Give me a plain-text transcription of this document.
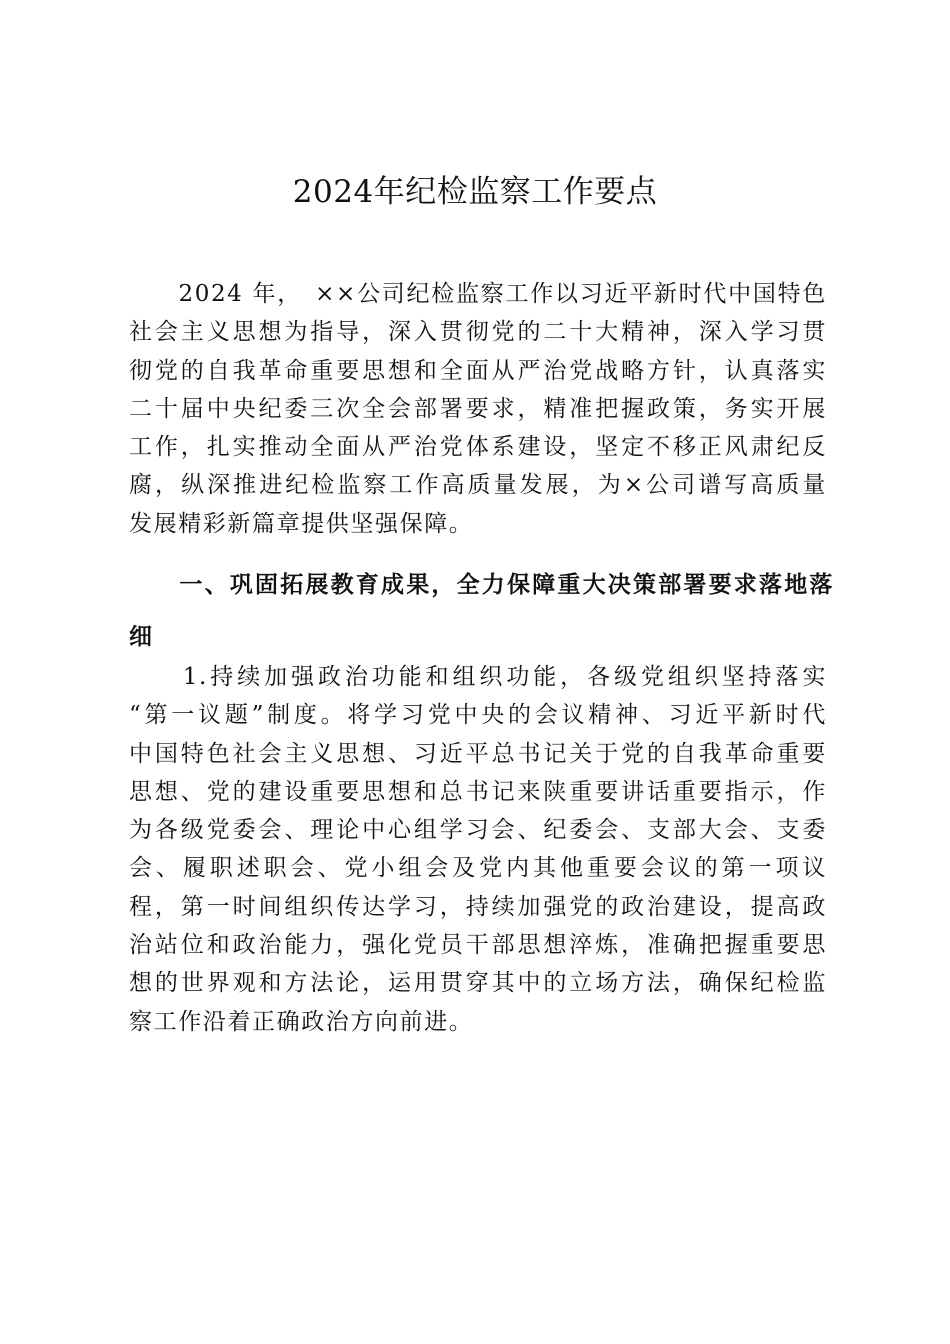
2024年纪检监察工作要点
　　2024 年，　××公司纪检监察工作以习近平新时代中国特色
社会主义思想为指导，深入贯彻党的二十大精神，深入学习贯
彻党的自我革命重要思想和全面从严治党战略方针，认真落实
二十届中央纪委三次全会部署要求，精准把握政策，务实开展
工作，扎实推动全面从严治党体系建设，坚定不移正风肃纪反
腐，纵深推进纪检监察工作高质量发展，为×公司谱写高质量
发展精彩新篇章提供坚强保障。
　　一、巩固拓展教育成果，全力保障重大决策部署要求落地落
细
　　1.持续加强政治功能和组织功能，各级党组织坚持落实
“第一议题”制度。将学习党中央的会议精神、习近平新时代
中国特色社会主义思想、习近平总书记关于党的自我革命重要
思想、党的建设重要思想和总书记来陕重要讲话重要指示，作
为各级党委会、理论中心组学习会、纪委会、支部大会、支委
会、履职述职会、党小组会及党内其他重要会议的第一项议
程，第一时间组织传达学习，持续加强党的政治建设，提高政
治站位和政治能力，强化党员干部思想淬炼，准确把握重要思
想的世界观和方法论，运用贯穿其中的立场方法，确保纪检监
察工作沿着正确政治方向前进。
